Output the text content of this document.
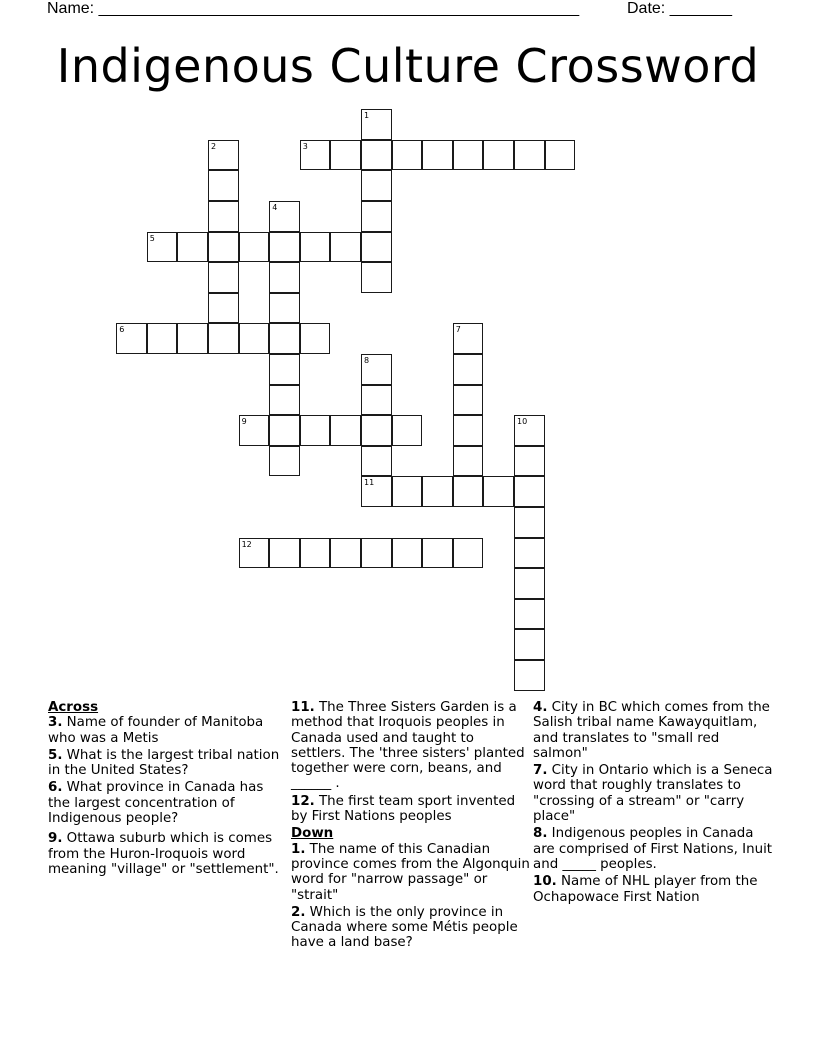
Name: ______________________________________________________	Date: _______
Indigenous Culture Crossword
1
2	3
4
5
6	7
8
11
9	10
12
Across
3. Name of founder of Manitoba who was a Metis
5. What is the largest tribal nation in the United States?
6. What province in Canada has the largest concentration of Indigenous people?
9. Ottawa suburb which is comes from the Huron-Iroquois word meaning "village" or "settlement".
11. The Three Sisters Garden is a method that Iroquois peoples in Canada used and taught to settlers. The 'three sisters' planted together were corn, beans, and ______ .
12. The first team sport invented by First Nations peoples
Down
1. The name of this Canadian province comes from the Algonquin word for "narrow passage" or "strait"
2. Which is the only province in Canada where some Métis people have a land base?
4. City in BC which comes from the Salish tribal name Kawayquitlam, and translates to "small red salmon"
7. City in Ontario which is a Seneca word that roughly translates to "crossing of a stream" or "carry place"
8. Indigenous peoples in Canada are comprised of First Nations, Inuit and _____ peoples.
10. Name of NHL player from the Ochapowace First Nation
